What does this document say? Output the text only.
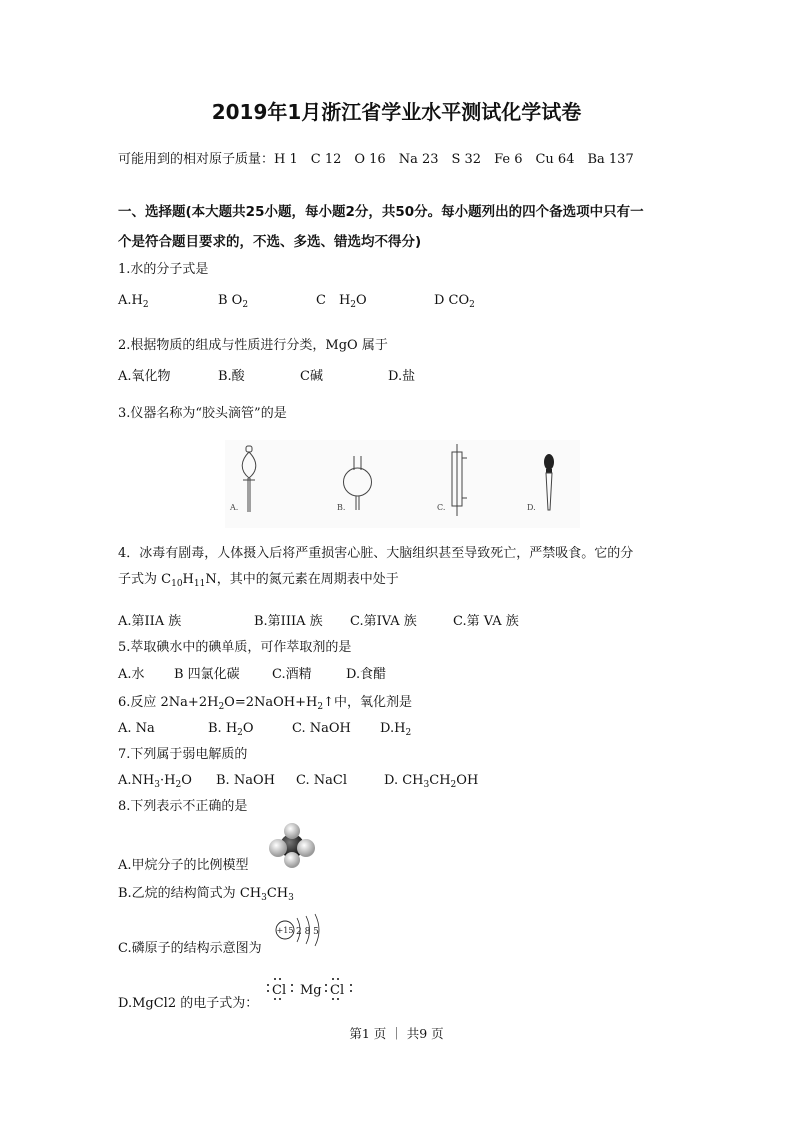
2019年1月浙江省学业水平测试化学试卷
可能用到的相对原子质量：H 1　C 12　O 16　Na 23　S 32　Fe 6　Cu 64　Ba 137
一、选择题(本大题共25小题，每小题2分，共50分。每小题列出的四个备选项中只有一
个是符合题目要求的，不选、多选、错选均不得分)
1.水的分子式是
$A.H_2$	B $O_2$	C　$H_2O$	D $CO_2$
2.根据物质的组成与性质进行分类，MgO 属于
A.氧化物	B.酸	C碱	D.盐
3.仪器名称为“胶头滴管”的是
A.	B.	C.	D.
4．冰毒有剧毒，人体摄入后将严重损害心脏、大脑组织甚至导致死亡，严禁吸食。它的分
子式为 $C_{10}H_{11}N$，其中的氮元素在周期表中处于
A.第IIA 族	B.第IIIA 族 C.第IVA 族	C.第 VA 族
5.萃取碘水中的碘单质，可作萃取剂的是
A.水 B 四氯化碳 C.酒精	D.食醋
6.反应 $2Na+2H_2O=2NaOH+H_2↑$中，氧化剂是
A. Na	B. $H_2O$	C. NaOH $D.H_2$
7.下列属于弱电解质的
$A.NH_3\cdot H_2O$ B. NaOH C. NaCl	D. $CH_3CH_2OH$
8.下列表示不正确的是
A.甲烷分子的比例模型
B.乙烷的结构简式为 $CH_3CH_3$
C.磷原子的结构示意图为
+15 2 8 5
D.MgCl2 的电子式为：
Cl Mg Cl
第1 页 ｜ 共9 页
